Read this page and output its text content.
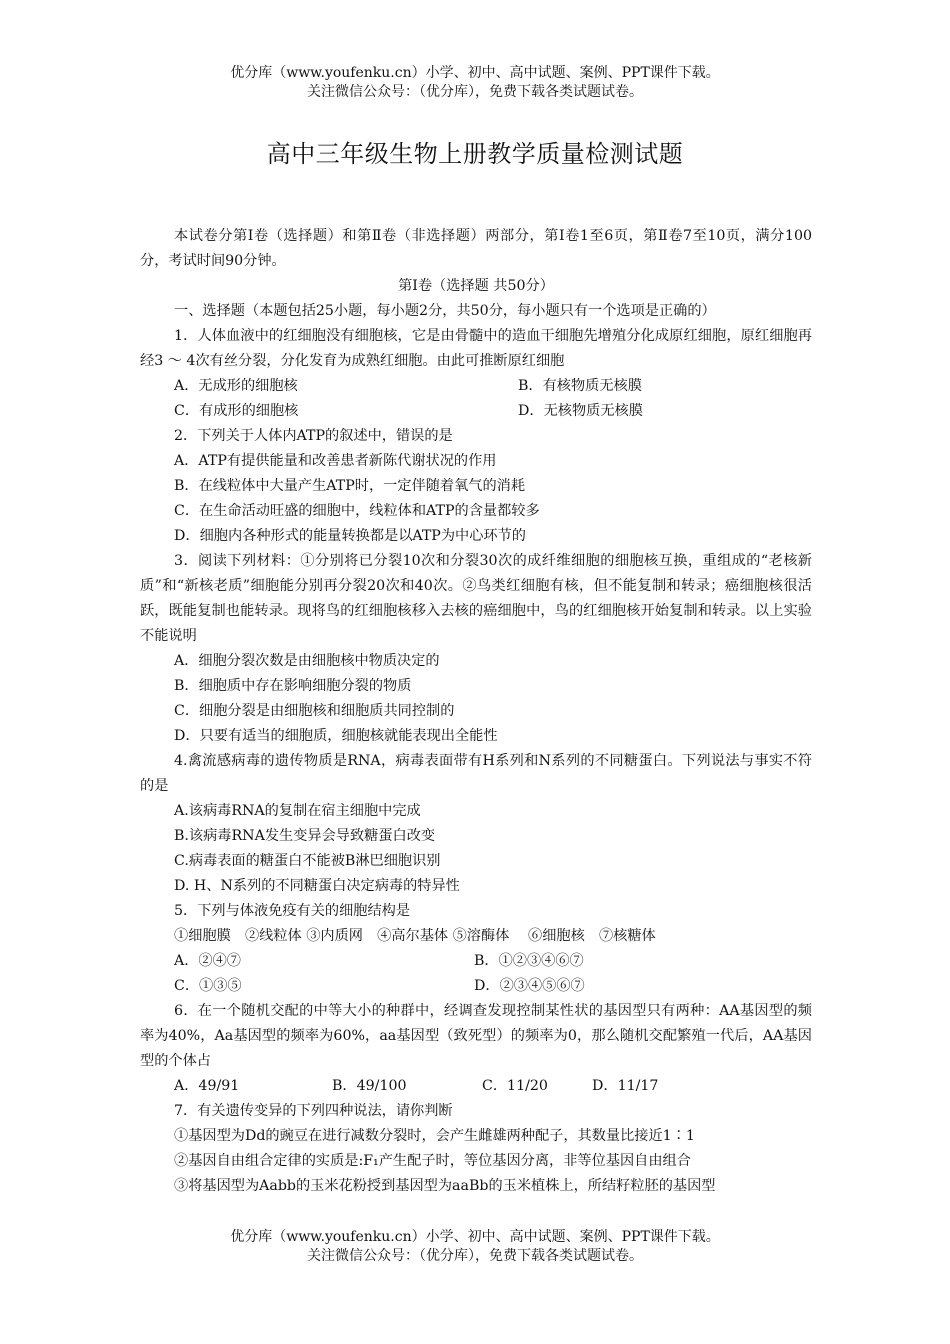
优分库（www.youfenku.cn）小学、初中、高中试题、案例、PPT课件下载。
关注微信公众号：（优分库），免费下载各类试题试卷。
高中三年级生物上册教学质量检测试题

本试卷分第Ⅰ卷（选择题）和第Ⅱ卷（非选择题）两部分，第Ⅰ卷1至6页，第Ⅱ卷7至10页，满分100分，考试时间90分钟。

第Ⅰ卷（选择题 共50分）

一、选择题（本题包括25小题，每小题2分，共50分，每小题只有一个选项是正确的）

1．人体血液中的红细胞没有细胞核，它是由骨髓中的造血干细胞先增殖分化成原红细胞，原红细胞再经3 ～ 4次有丝分裂，分化发育为成熟红细胞。由此可推断原红细胞

A．无成形的细胞核	B．有核物质无核膜
C．有成形的细胞核	D．无核物质无核膜

2．下列关于人体内ATP的叙述中，错误的是

A．ATP有提供能量和改善患者新陈代谢状况的作用

B．在线粒体中大量产生ATP时，一定伴随着氧气的消耗

C．在生命活动旺盛的细胞中，线粒体和ATP的含量都较多

D．细胞内各种形式的能量转换都是以ATP为中心环节的

3．阅读下列材料：①分别将已分裂10次和分裂30次的成纤维细胞的细胞核互换，重组成的“老核新质”和“新核老质”细胞能分别再分裂20次和40次。②鸟类红细胞有核，但不能复制和转录；癌细胞核很活跃，既能复制也能转录。现将鸟的红细胞核移入去核的癌细胞中，鸟的红细胞核开始复制和转录。以上实验不能说明

A．细胞分裂次数是由细胞核中物质决定的

B．细胞质中存在影响细胞分裂的物质

C．细胞分裂是由细胞核和细胞质共同控制的

D．只要有适当的细胞质，细胞核就能表现出全能性

4.禽流感病毒的遗传物质是RNA，病毒表面带有H系列和N系列的不同糖蛋白。下列说法与事实不符的是

A.该病毒RNA的复制在宿主细胞中完成

B.该病毒RNA发生变异会导致糖蛋白改变

C.病毒表面的糖蛋白不能被B淋巴细胞识别

D. H、N系列的不同糖蛋白决定病毒的特异性

5．下列与体液免疫有关的细胞结构是

①细胞膜　②线粒体 ③内质网　④高尔基体 ⑤溶酶体　 ⑥细胞核　⑦核糖体

A．②④⑦	B．①②③④⑥⑦
C．①③⑤	D．②③④⑤⑥⑦

6．在一个随机交配的中等大小的种群中，经调查发现控制某性状的基因型只有两种：AA基因型的频率为40%，Aa基因型的频率为60%，aa基因型（致死型）的频率为0，那么随机交配繁殖一代后，AA基因型的个体占

A．49/91	B．49/100	C．11/20	D．11/17

7．有关遗传变异的下列四种说法，请你判断

①基因型为Dd的豌豆在进行减数分裂时，会产生雌雄两种配子，其数量比接近1∶1

②基因自由组合定律的实质是:F₁产生配子时，等位基因分离，非等位基因自由组合

③将基因型为Aabb的玉米花粉授到基因型为aaBb的玉米植株上，所结籽粒胚的基因型

优分库（www.youfenku.cn）小学、初中、高中试题、案例、PPT课件下载。
关注微信公众号：（优分库），免费下载各类试题试卷。
